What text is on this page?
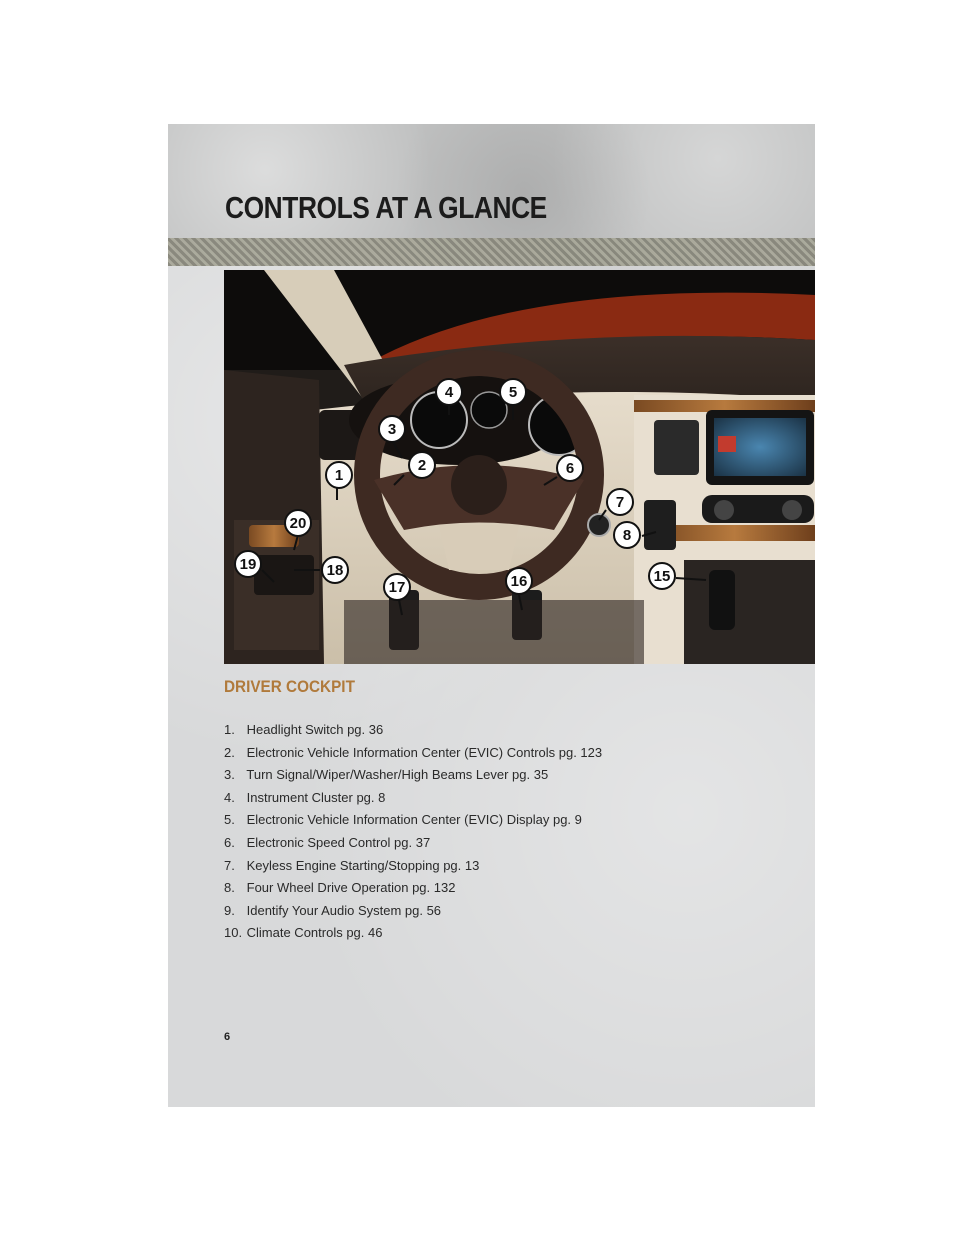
CONTROLS AT A GLANCE
1
2
3
4	5
6
7
8
15
16
17
18
19
20
DRIVER COCKPIT
1. Headlight Switch pg. 36
2. Electronic Vehicle Information Center (EVIC) Controls pg. 123
3. Turn Signal/Wiper/Washer/High Beams Lever pg. 35
4. Instrument Cluster pg. 8
5. Electronic Vehicle Information Center (EVIC) Display pg. 9
6. Electronic Speed Control pg. 37
7. Keyless Engine Starting/Stopping pg. 13
8. Four Wheel Drive Operation pg. 132
9. Identify Your Audio System pg. 56
10. Climate Controls pg. 46
6
